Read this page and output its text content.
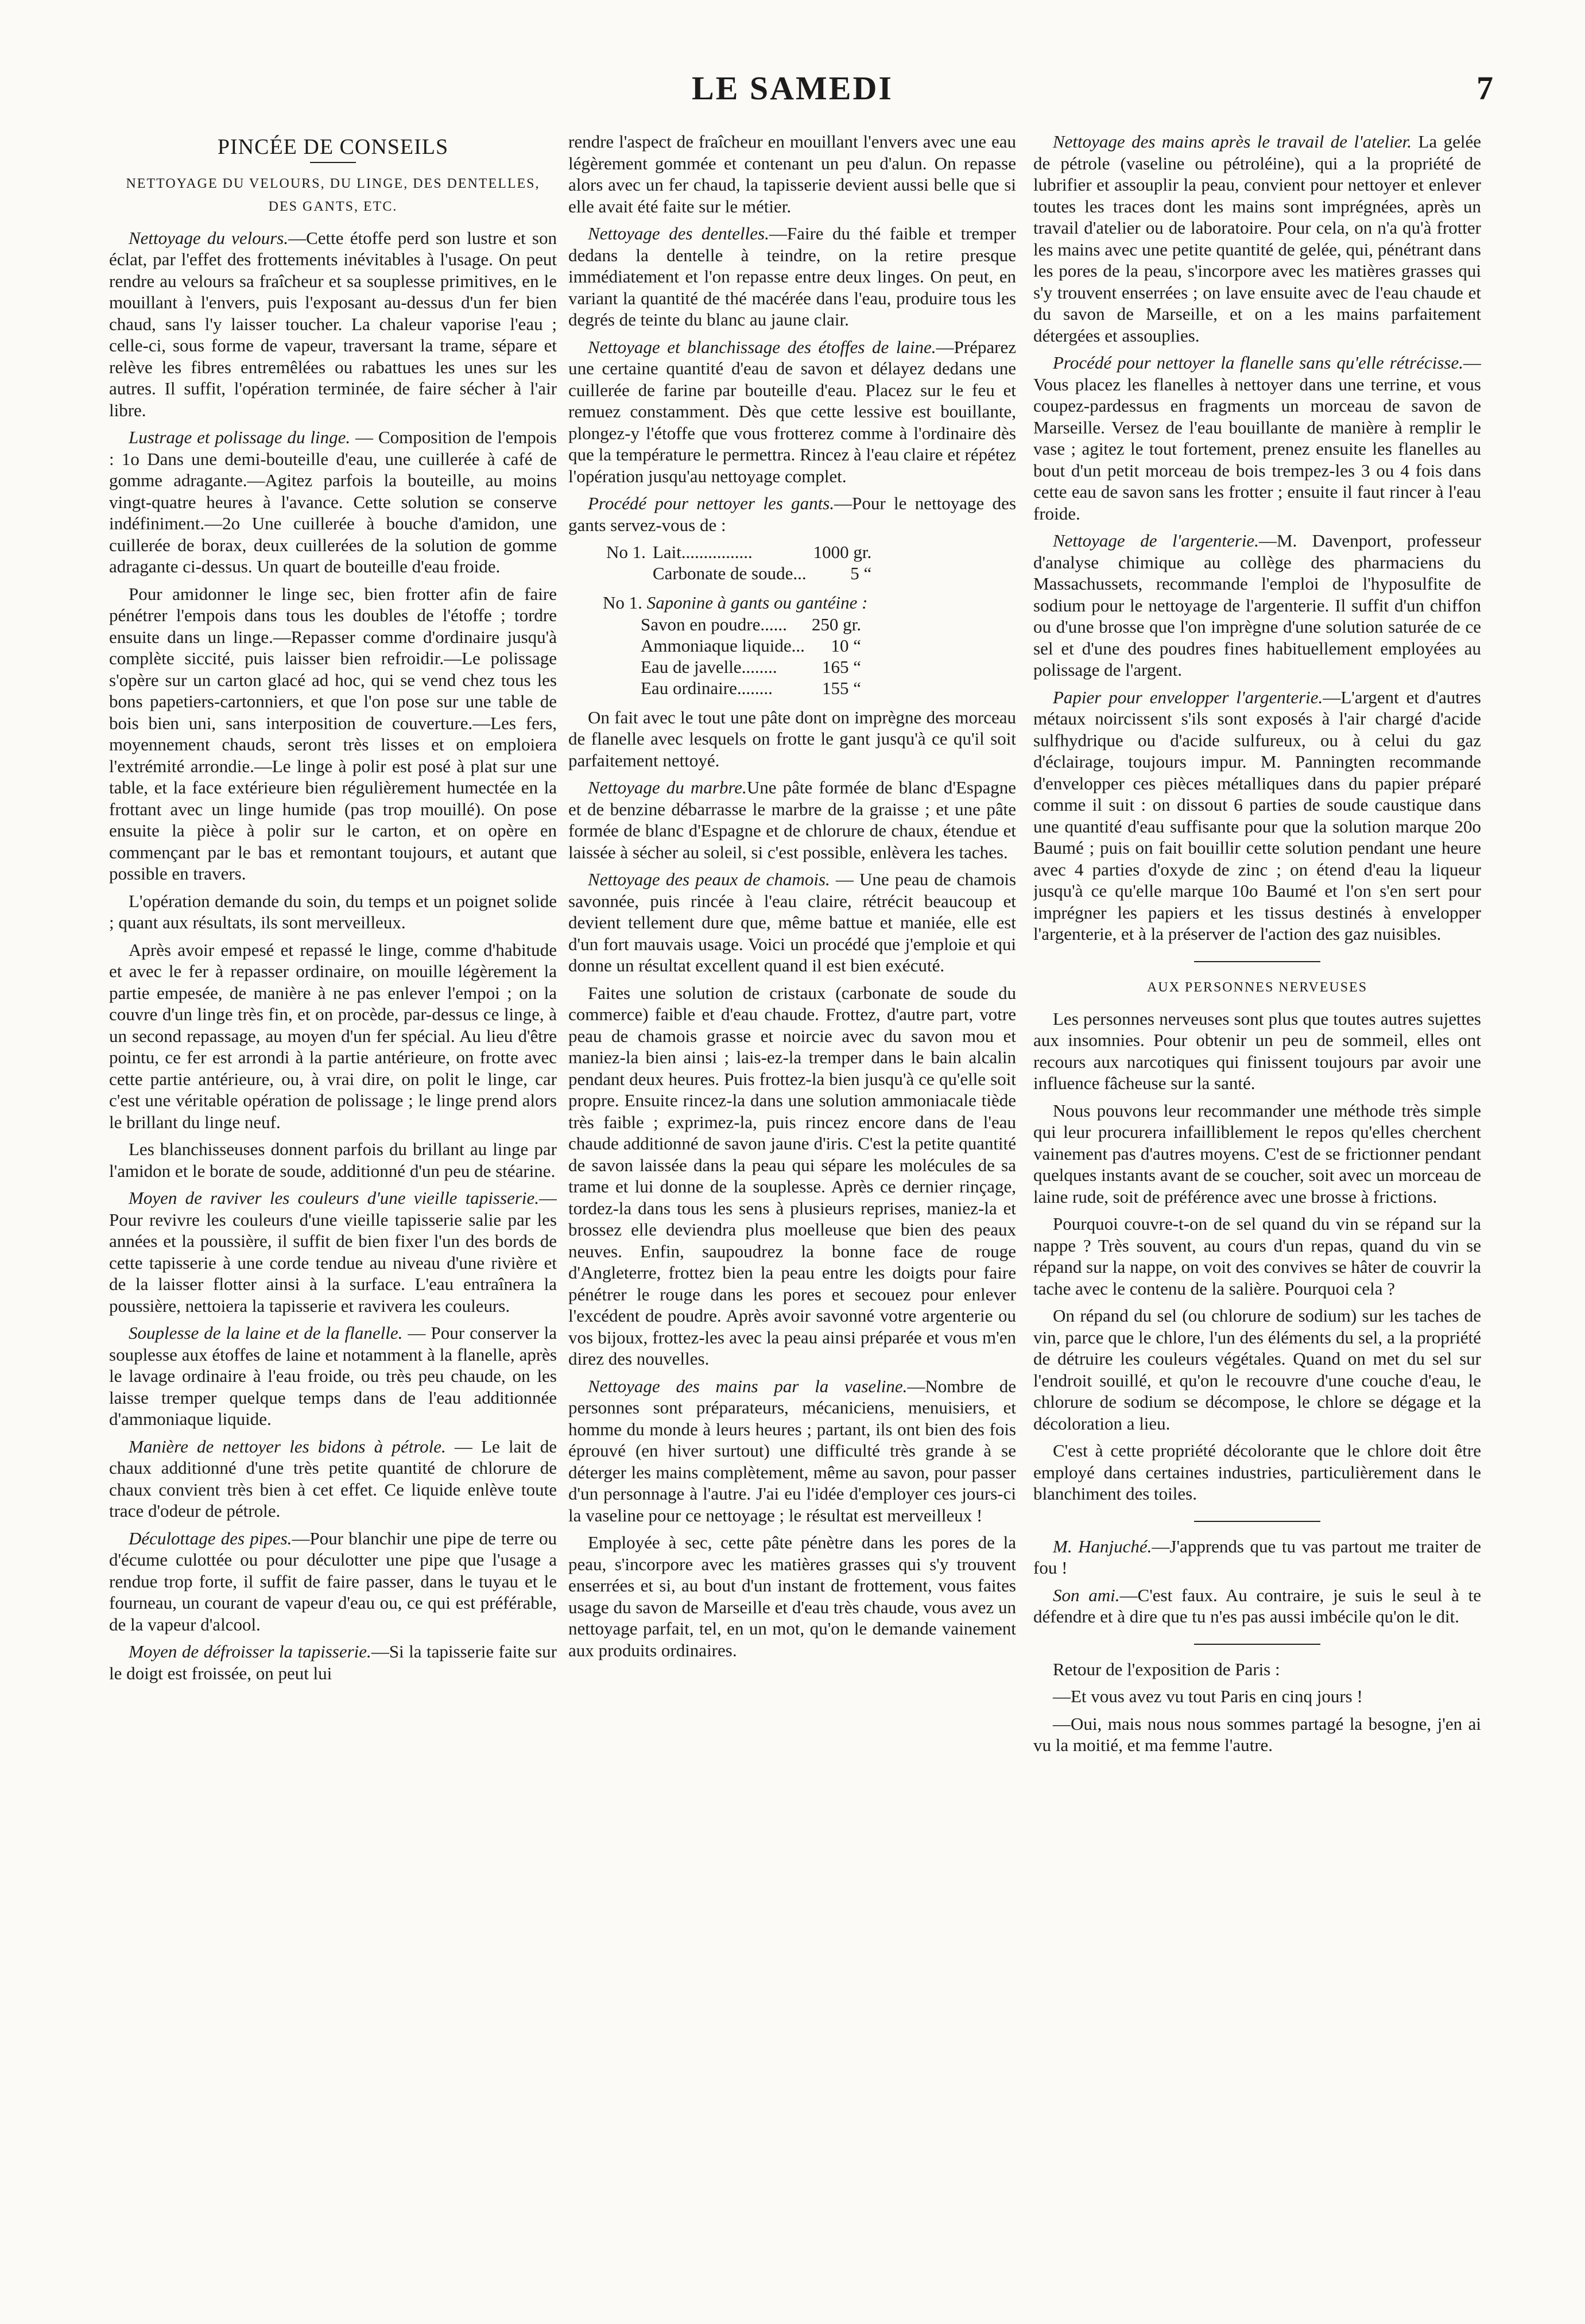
LE SAMEDI	7
PINCÉE DE CONSEILS
NETTOYAGE DU VELOURS, DU LINGE, DES DENTELLES, DES GANTS, ETC.

Nettoyage du velours.—Cette étoffe perd son lustre et son éclat, par l'effet des frottements inévitables à l'usage. On peut rendre au velours sa fraîcheur et sa souplesse primitives, en le mouillant à l'envers, puis l'exposant au-dessus d'un fer bien chaud, sans l'y laisser toucher. La chaleur vaporise l'eau ; celle-ci, sous forme de vapeur, traversant la trame, sépare et relève les fibres entremêlées ou rabattues les unes sur les autres. Il suffit, l'opération terminée, de faire sécher à l'air libre.

Lustrage et polissage du linge. — Composition de l'empois : 1o Dans une demi-bouteille d'eau, une cuillerée à café de gomme adragante.—Agitez parfois la bouteille, au moins vingt-quatre heures à l'avance. Cette solution se conserve indéfiniment.—2o Une cuillerée à bouche d'amidon, une cuillerée de borax, deux cuillerées de la solution de gomme adragante ci-dessus. Un quart de bouteille d'eau froide.

Pour amidonner le linge sec, bien frotter afin de faire pénétrer l'empois dans tous les doubles de l'étoffe ; tordre ensuite dans un linge.—Repasser comme d'ordinaire jusqu'à complète siccité, puis laisser bien refroidir.—Le polissage s'opère sur un carton glacé ad hoc, qui se vend chez tous les bons papetiers-cartonniers, et que l'on pose sur une table de bois bien uni, sans interposition de couverture.—Les fers, moyennement chauds, seront très lisses et on emploiera l'extrémité arrondie.—Le linge à polir est posé à plat sur une table, et la face extérieure bien régulièrement humectée en la frottant avec un linge humide (pas trop mouillé). On pose ensuite la pièce à polir sur le carton, et on opère en commençant par le bas et remontant toujours, et autant que possible en travers.

L'opération demande du soin, du temps et un poignet solide ; quant aux résultats, ils sont merveilleux.

Après avoir empesé et repassé le linge, comme d'habitude et avec le fer à repasser ordinaire, on mouille légèrement la partie empesée, de manière à ne pas enlever l'empoi ; on la couvre d'un linge très fin, et on procède, par-dessus ce linge, à un second repassage, au moyen d'un fer spécial. Au lieu d'être pointu, ce fer est arrondi à la partie antérieure, on frotte avec cette partie antérieure, ou, à vrai dire, on polit le linge, car c'est une véritable opération de polissage ; le linge prend alors le brillant du linge neuf.

Les blanchisseuses donnent parfois du brillant au linge par l'amidon et le borate de soude, additionné d'un peu de stéarine.

Moyen de raviver les couleurs d'une vieille tapisserie.—Pour revivre les couleurs d'une vieille tapisserie salie par les années et la poussière, il suffit de bien fixer l'un des bords de cette tapisserie à une corde tendue au niveau d'une rivière et de la laisser flotter ainsi à la surface. L'eau entraînera la poussière, nettoiera la tapisserie et ravivera les couleurs.

Souplesse de la laine et de la flanelle. — Pour conserver la souplesse aux étoffes de laine et notamment à la flanelle, après le lavage ordinaire à l'eau froide, ou très peu chaude, on les laisse tremper quelque temps dans de l'eau additionnée d'ammoniaque liquide.

Manière de nettoyer les bidons à pétrole. — Le lait de chaux additionné d'une très petite quantité de chlorure de chaux convient très bien à cet effet. Ce liquide enlève toute trace d'odeur de pétrole.

Déculottage des pipes.—Pour blanchir une pipe de terre ou d'écume culottée ou pour déculotter une pipe que l'usage a rendue trop forte, il suffit de faire passer, dans le tuyau et le fourneau, un courant de vapeur d'eau ou, ce qui est préférable, de la vapeur d'alcool.

Moyen de défroisser la tapisserie.—Si la tapisserie faite sur le doigt est froissée, on peut lui

rendre l'aspect de fraîcheur en mouillant l'envers avec une eau légèrement gommée et contenant un peu d'alun. On repasse alors avec un fer chaud, la tapisserie devient aussi belle que si elle avait été faite sur le métier.

Nettoyage des dentelles.—Faire du thé faible et tremper dedans la dentelle à teindre, on la retire presque immédiatement et l'on repasse entre deux linges. On peut, en variant la quantité de thé macérée dans l'eau, produire tous les degrés de teinte du blanc au jaune clair.

Nettoyage et blanchissage des étoffes de laine.—Préparez une certaine quantité d'eau de savon et délayez dedans une cuillerée de farine par bouteille d'eau. Placez sur le feu et remuez constamment. Dès que cette lessive est bouillante, plongez-y l'étoffe que vous frotterez comme à l'ordinaire dès que la température le permettra. Rincez à l'eau claire et répétez l'opération jusqu'au nettoyage complet.

Procédé pour nettoyer les gants.—Pour le nettoyage des gants servez-vous de :

No 1.	Lait................	1000 gr.
	Carbonate de soude...	5 “
No 1. Saponine à gants ou gantéine :
Savon en poudre......	250 gr.
Ammoniaque liquide...	10 “
Eau de javelle........	165 “
Eau ordinaire........	155 “

On fait avec le tout une pâte dont on imprègne des morceau de flanelle avec lesquels on frotte le gant jusqu'à ce qu'il soit parfaitement nettoyé.

Nettoyage du marbre.Une pâte formée de blanc d'Espagne et de benzine débarrasse le marbre de la graisse ; et une pâte formée de blanc d'Espagne et de chlorure de chaux, étendue et laissée à sécher au soleil, si c'est possible, enlèvera les taches.

Nettoyage des peaux de chamois. — Une peau de chamois savonnée, puis rincée à l'eau claire, rétrécit beaucoup et devient tellement dure que, même battue et maniée, elle est d'un fort mauvais usage. Voici un procédé que j'emploie et qui donne un résultat excellent quand il est bien exécuté.

Faites une solution de cristaux (carbonate de soude du commerce) faible et d'eau chaude. Frottez, d'autre part, votre peau de chamois grasse et noircie avec du savon mou et maniez-la bien ainsi ; lais-ez-la tremper dans le bain alcalin pendant deux heures. Puis frottez-la bien jusqu'à ce qu'elle soit propre. Ensuite rincez-la dans une solution ammoniacale tiède très faible ; exprimez-la, puis rincez encore dans de l'eau chaude additionné de savon jaune d'iris. C'est la petite quantité de savon laissée dans la peau qui sépare les molécules de sa trame et lui donne de la souplesse. Après ce dernier rinçage, tordez-la dans tous les sens à plusieurs reprises, maniez-la et brossez elle deviendra plus moelleuse que bien des peaux neuves. Enfin, saupoudrez la bonne face de rouge d'Angleterre, frottez bien la peau entre les doigts pour faire pénétrer le rouge dans les pores et secouez pour enlever l'excédent de poudre. Après avoir savonné votre argenterie ou vos bijoux, frottez-les avec la peau ainsi préparée et vous m'en direz des nouvelles.

Nettoyage des mains par la vaseline.—Nombre de personnes sont préparateurs, mécaniciens, menuisiers, et homme du monde à leurs heures ; partant, ils ont bien des fois éprouvé (en hiver surtout) une difficulté très grande à se déterger les mains complètement, même au savon, pour passer d'un personnage à l'autre. J'ai eu l'idée d'employer ces jours-ci la vaseline pour ce nettoyage ; le résultat est merveilleux !

Employée à sec, cette pâte pénètre dans les pores de la peau, s'incorpore avec les matières grasses qui s'y trouvent enserrées et si, au bout d'un instant de frottement, vous faites usage du savon de Marseille et d'eau très chaude, vous avez un nettoyage parfait, tel, en un mot, qu'on le demande vainement aux produits ordinaires.

Nettoyage des mains après le travail de l'atelier. La gelée de pétrole (vaseline ou pétroléine), qui a la propriété de lubrifier et assouplir la peau, convient pour nettoyer et enlever toutes les traces dont les mains sont imprégnées, après un travail d'atelier ou de laboratoire. Pour cela, on n'a qu'à frotter les mains avec une petite quantité de gelée, qui, pénétrant dans les pores de la peau, s'incorpore avec les matières grasses qui s'y trouvent enserrées ; on lave ensuite avec de l'eau chaude et du savon de Marseille, et on a les mains parfaitement détergées et assouplies.

Procédé pour nettoyer la flanelle sans qu'elle rétrécisse.—Vous placez les flanelles à nettoyer dans une terrine, et vous coupez-pardessus en fragments un morceau de savon de Marseille. Versez de l'eau bouillante de manière à remplir le vase ; agitez le tout fortement, prenez ensuite les flanelles au bout d'un petit morceau de bois trempez-les 3 ou 4 fois dans cette eau de savon sans les frotter ; ensuite il faut rincer à l'eau froide.

Nettoyage de l'argenterie.—M. Davenport, professeur d'analyse chimique au collège des pharmaciens du Massachussets, recommande l'emploi de l'hyposulfite de sodium pour le nettoyage de l'argenterie. Il suffit d'un chiffon ou d'une brosse que l'on imprègne d'une solution saturée de ce sel et d'une des poudres fines habituellement employées au polissage de l'argent.

Papier pour envelopper l'argenterie.—L'argent et d'autres métaux noircissent s'ils sont exposés à l'air chargé d'acide sulfhydrique ou d'acide sulfureux, ou à celui du gaz d'éclairage, toujours impur. M. Panningten recommande d'envelopper ces pièces métalliques dans du papier préparé comme il suit : on dissout 6 parties de soude caustique dans une quantité d'eau suffisante pour que la solution marque 20o Baumé ; puis on fait bouillir cette solution pendant une heure avec 4 parties d'oxyde de zinc ; on étend d'eau la liqueur jusqu'à ce qu'elle marque 10o Baumé et l'on s'en sert pour imprégner les papiers et les tissus destinés à envelopper l'argenterie, et à la préserver de l'action des gaz nuisibles.

AUX PERSONNES NERVEUSES

Les personnes nerveuses sont plus que toutes autres sujettes aux insomnies. Pour obtenir un peu de sommeil, elles ont recours aux narcotiques qui finissent toujours par avoir une influence fâcheuse sur la santé.

Nous pouvons leur recommander une méthode très simple qui leur procurera infailliblement le repos qu'elles cherchent vainement pas d'autres moyens. C'est de se frictionner pendant quelques instants avant de se coucher, soit avec un morceau de laine rude, soit de préférence avec une brosse à frictions.

Pourquoi couvre-t-on de sel quand du vin se répand sur la nappe ? Très souvent, au cours d'un repas, quand du vin se répand sur la nappe, on voit des convives se hâter de couvrir la tache avec le contenu de la salière. Pourquoi cela ?

On répand du sel (ou chlorure de sodium) sur les taches de vin, parce que le chlore, l'un des éléments du sel, a la propriété de détruire les couleurs végétales. Quand on met du sel sur l'endroit souillé, et qu'on le recouvre d'une couche d'eau, le chlorure de sodium se décompose, le chlore se dégage et la décoloration a lieu.

C'est à cette propriété décolorante que le chlore doit être employé dans certaines industries, particulièrement dans le blanchiment des toiles.

M. Hanjuché.—J'apprends que tu vas partout me traiter de fou !

Son ami.—C'est faux. Au contraire, je suis le seul à te défendre et à dire que tu n'es pas aussi imbécile qu'on le dit.

Retour de l'exposition de Paris :

—Et vous avez vu tout Paris en cinq jours !

—Oui, mais nous nous sommes partagé la besogne, j'en ai vu la moitié, et ma femme l'autre.
